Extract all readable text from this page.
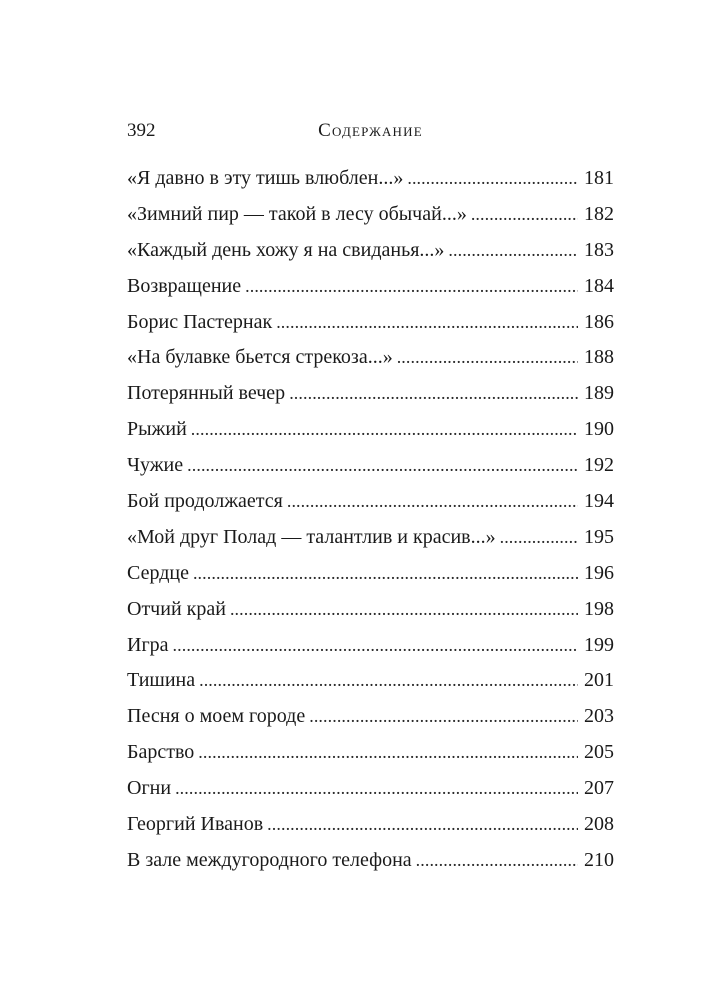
392	Содержание
«Я давно в эту тишь влюблен...» . . .	181
«Зимний пир — такой в лесу обычай...» . . .	182
«Каждый день хожу я на свиданья...» . . .	183
Возвращение . . .	184
Борис Пастернак . . .	186
«На булавке бьется стрекоза...» . . .	188
Потерянный вечер . . .	189
Рыжий . . .	190
Чужие . . .	192
Бой продолжается . . .	194
«Мой друг Полад — талантлив и красив...» . . .	195
Сердце . . .	196
Отчий край . . .	198
Игра . . .	199
Тишина . . .	201
Песня о моем городе . . .	203
Барство . . .	205
Огни . . .	207
Георгий Иванов . . .	208
В зале междугородного телефона . . .	210
